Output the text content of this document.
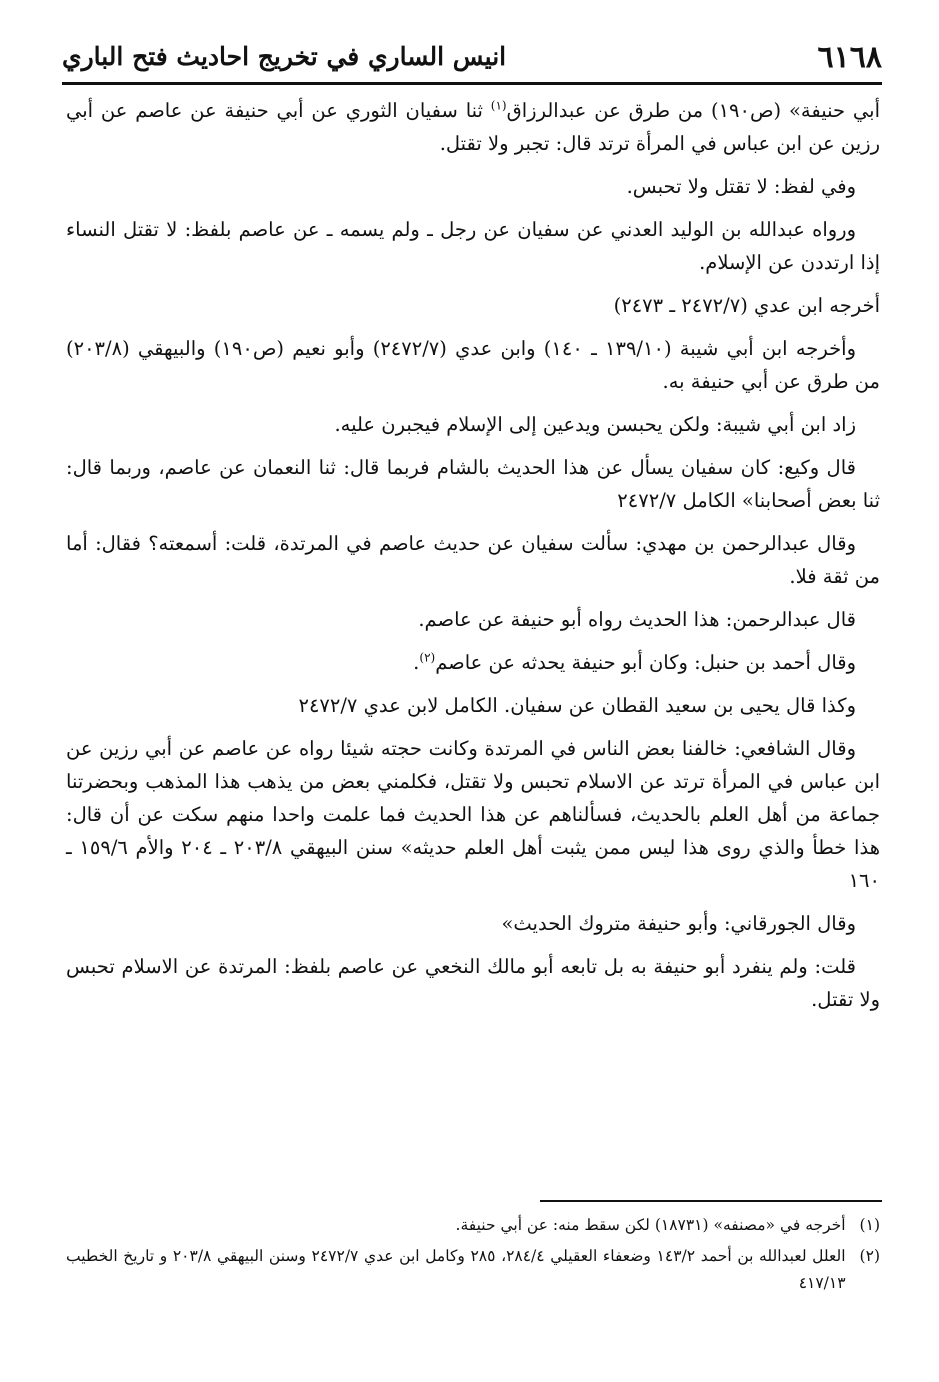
٦١٦٨
انيس الساري في تخريج احاديث فتح الباري

أبي حنيفة» (ص١٩٠) من طرق عن عبدالرزاق$^{(١)}$ ثنا سفيان الثوري عن أبي حنيفة عن عاصم عن أبي رزين عن ابن عباس في المرأة ترتد قال: تجبر ولا تقتل.

وفي لفظ: لا تقتل ولا تحبس.

ورواه عبدالله بن الوليد العدني عن سفيان عن رجل ـ ولم يسمه ـ عن عاصم بلفظ: لا تقتل النساء إذا ارتددن عن الإسلام.

أخرجه ابن عدي (٢٤٧٢/٧ ـ ٢٤٧٣)

وأخرجه ابن أبي شيبة (١٣٩/١٠ ـ ١٤٠) وابن عدي (٢٤٧٢/٧) وأبو نعيم (ص١٩٠) والبيهقي (٢٠٣/٨) من طرق عن أبي حنيفة به.

زاد ابن أبي شيبة: ولكن يحبسن ويدعين إلى الإسلام فيجبرن عليه.

قال وكيع: كان سفيان يسأل عن هذا الحديث بالشام فربما قال: ثنا النعمان عن عاصم، وربما قال: ثنا بعض أصحابنا» الكامل ٢٤٧٢/٧

وقال عبدالرحمن بن مهدي: سألت سفيان عن حديث عاصم في المرتدة، قلت: أسمعته؟ فقال: أما من ثقة فلا.

قال عبدالرحمن: هذا الحديث رواه أبو حنيفة عن عاصم.

وقال أحمد بن حنبل: وكان أبو حنيفة يحدثه عن عاصم$^{(٢)}$.

وكذا قال يحيى بن سعيد القطان عن سفيان. الكامل لابن عدي ٢٤٧٢/٧

وقال الشافعي: خالفنا بعض الناس في المرتدة وكانت حجته شيئا رواه عن عاصم عن أبي رزين عن ابن عباس في المرأة ترتد عن الاسلام تحبس ولا تقتل، فكلمني بعض من يذهب هذا المذهب وبحضرتنا جماعة من أهل العلم بالحديث، فسألناهم عن هذا الحديث فما علمت واحدا منهم سكت عن أن قال: هذا خطأ والذي روى هذا ليس ممن يثبت أهل العلم حديثه» سنن البيهقي ٢٠٣/٨ ـ ٢٠٤ والأم ١٥٩/٦ ـ ١٦٠

وقال الجورقاني: وأبو حنيفة متروك الحديث»

قلت: ولم ينفرد أبو حنيفة به بل تابعه أبو مالك النخعي عن عاصم بلفظ: المرتدة عن الاسلام تحبس ولا تقتل.

(١)
أخرجه في «مصنفه» (١٨٧٣١) لكن سقط منه: عن أبي حنيفة.
(٢)
العلل لعبدالله بن أحمد ١٤٣/٢ وضعفاء العقيلي ٢٨٤/٤، ٢٨٥ وكامل ابن عدي ٢٤٧٢/٧ وسنن البيهقي ٢٠٣/٨ و تاريخ الخطيب ٤١٧/١٣
